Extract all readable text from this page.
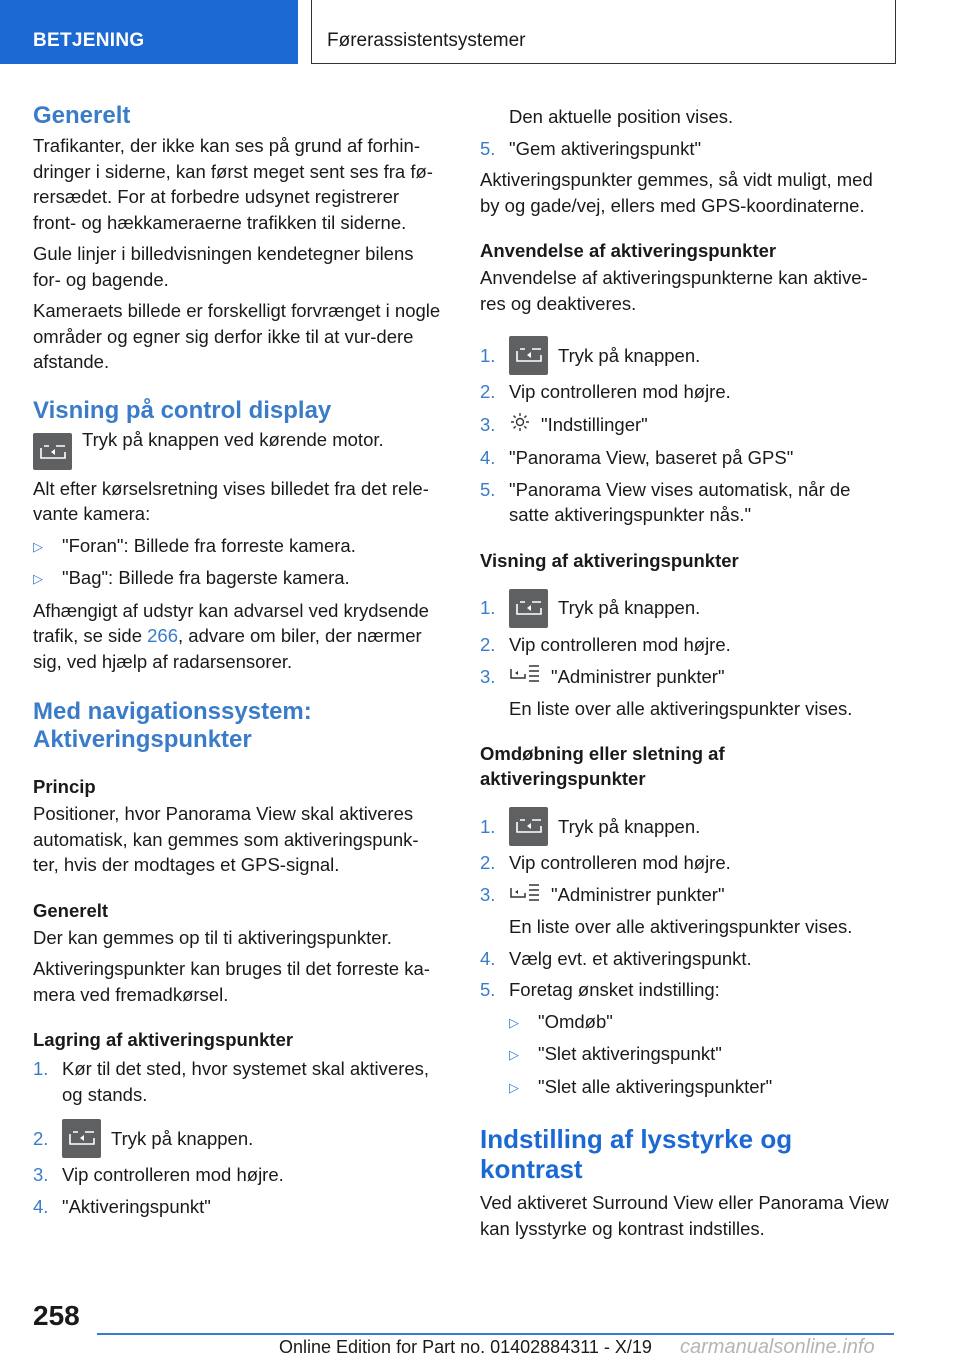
BETJENING	Førerassistentsystemer
Generelt

Trafikanter, der ikke kan ses på grund af forhin-dringer i siderne, kan først meget sent ses fra fø-rersædet. For at forbedre udsynet registrerer front- og hækkameraerne trafikken til siderne.

Gule linjer i billedvisningen kendetegner bilens for- og bagende.

Kameraets billede er forskelligt forvrænget i nogle områder og egner sig derfor ikke til at vur-dere afstande.

Visning på control display
Tryk på knappen ved kørende motor.

Alt efter kørselsretning vises billedet fra det rele-vante kamera:

▷	"Foran": Billede fra forreste kamera.
▷	"Bag": Billede fra bagerste kamera.

Afhængigt af udstyr kan advarsel ved krydsende trafik, se side 266, advare om biler, der nærmer sig, ved hjælp af radarsensorer.

Med navigationssystem:
Aktiveringspunkter
Princip

Positioner, hvor Panorama View skal aktiveres automatisk, kan gemmes som aktiveringspunk-ter, hvis der modtages et GPS-signal.

Generelt

Der kan gemmes op til ti aktiveringspunkter.

Aktiveringspunkter kan bruges til det forreste ka-mera ved fremadkørsel.

Lagring af aktiveringspunkter
1. Kør til det sted, hvor systemet skal aktiveres, og stands.
2.	Tryk på knappen.
3. Vip controlleren mod højre.
4. "Aktiveringspunkt"

Den aktuelle position vises.

5. "Gem aktiveringspunkt"

Aktiveringspunkter gemmes, så vidt muligt, med by og gade/vej, ellers med GPS-koordinaterne.

Anvendelse af aktiveringspunkter

Anvendelse af aktiveringspunkterne kan aktive-res og deaktiveres.

1.	Tryk på knappen.
2. Vip controlleren mod højre.
3.	"Indstillinger"
4. "Panorama View, baseret på GPS"
5. "Panorama View vises automatisk, når de satte aktiveringspunkter nås."
Visning af aktiveringspunkter
1.	Tryk på knappen.
2. Vip controlleren mod højre.
3.	"Administrer punkter"

En liste over alle aktiveringspunkter vises.

Omdøbning eller sletning af aktiveringspunkter
1.	Tryk på knappen.
2. Vip controlleren mod højre.
3.	"Administrer punkter"

En liste over alle aktiveringspunkter vises.

4. Vælg evt. et aktiveringspunkt.
5. Foretag ønsket indstilling:
▷	"Omdøb"
▷	"Slet aktiveringspunkt"
▷	"Slet alle aktiveringspunkter"
Indstilling af lysstyrke og
kontrast

Ved aktiveret Surround View eller Panorama View kan lysstyrke og kontrast indstilles.

258
Online Edition for Part no. 01402884311 - X/19 carmanualsonline.info
